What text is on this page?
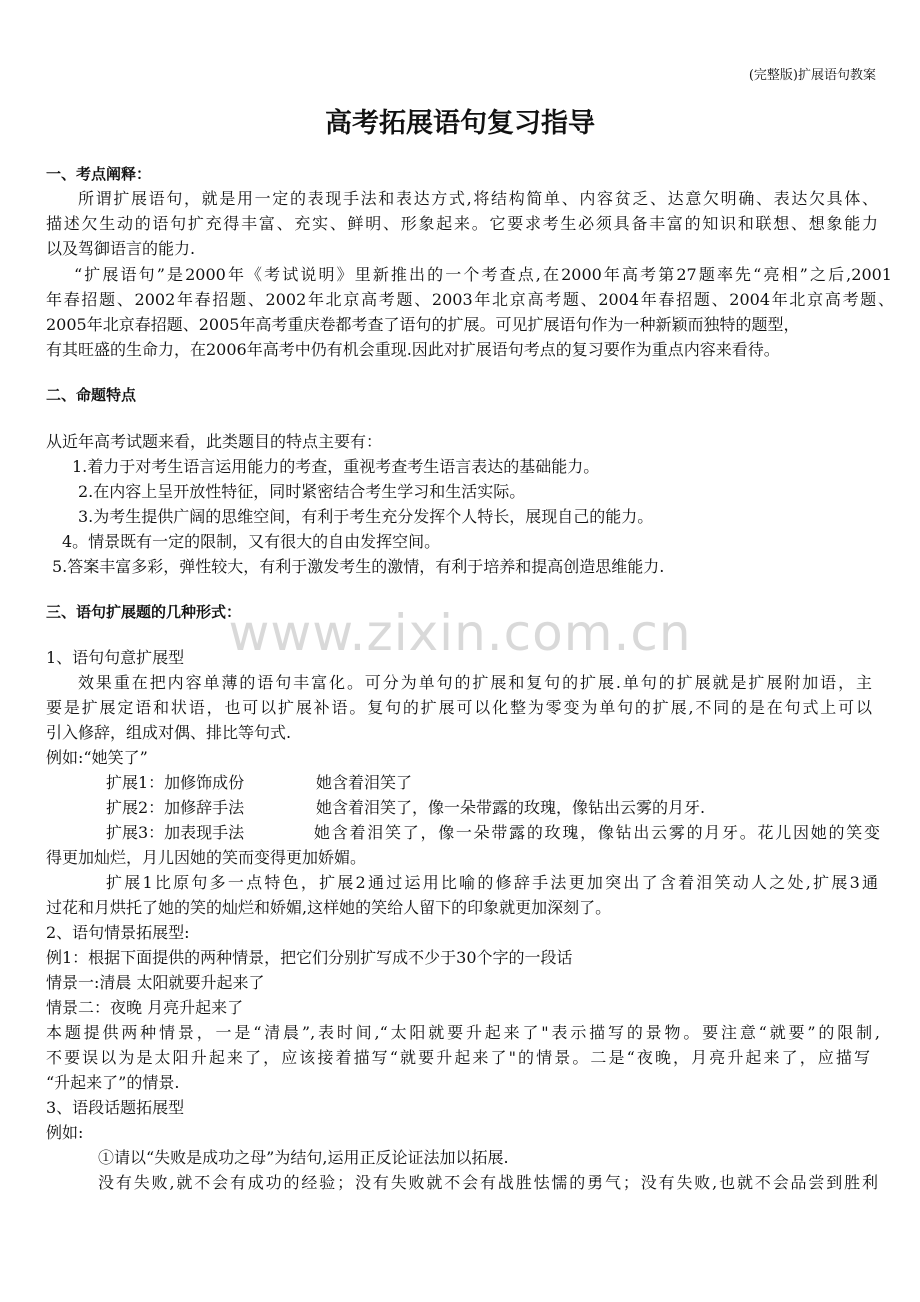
(完整版)扩展语句教案
高考拓展语句复习指导
www.zixin.com.cn
一、考点阐释：
所谓扩展语句，就是用一定的表现手法和表达方式,将结构简单、内容贫乏、达意欠明确、表达欠具体、
描述欠生动的语句扩充得丰富、充实、鲜明、形象起来。它要求考生必须具备丰富的知识和联想、想象能力
以及驾御语言的能力.
“扩展语句”是2000年《考试说明》里新推出的一个考查点,在2000年高考第27题率先“亮相”之后,2001
年春招题、2002年春招题、2002年北京高考题、2003年北京高考题、2004年春招题、2004年北京高考题、
2005年北京春招题、2005年高考重庆卷都考查了语句的扩展。可见扩展语句作为一种新颖而独特的题型，
有其旺盛的生命力，在2006年高考中仍有机会重现.因此对扩展语句考点的复习要作为重点内容来看待。
二、命题特点
从近年高考试题来看，此类题目的特点主要有：
1.着力于对考生语言运用能力的考查，重视考查考生语言表达的基础能力。
2.在内容上呈开放性特征，同时紧密结合考生学习和生活实际。
3.为考生提供广阔的思维空间，有利于考生充分发挥个人特长，展现自己的能力。
4。情景既有一定的限制，又有很大的自由发挥空间。
5.答案丰富多彩，弹性较大，有利于激发考生的激情，有利于培养和提高创造思维能力.
三、语句扩展题的几种形式：
1、语句句意扩展型
效果重在把内容单薄的语句丰富化。可分为单句的扩展和复句的扩展.单句的扩展就是扩展附加语，主
要是扩展定语和状语，也可以扩展补语。复句的扩展可以化整为零变为单句的扩展,不同的是在句式上可以
引入修辞，组成对偶、排比等句式.
例如:“她笑了”
扩展1：加修饰成份	她含着泪笑了
扩展2：加修辞手法	她含着泪笑了，像一朵带露的玫瑰，像钻出云雾的月牙.
扩展3：加表现手法	她含着泪笑了，像一朵带露的玫瑰，像钻出云雾的月牙。花儿因她的笑变
得更加灿烂，月儿因她的笑而变得更加娇媚。
扩展1比原句多一点特色，扩展2通过运用比喻的修辞手法更加突出了含着泪笑动人之处,扩展3通
过花和月烘托了她的笑的灿烂和娇媚,这样她的笑给人留下的印象就更加深刻了。
2、语句情景拓展型:
例1：根据下面提供的两种情景，把它们分别扩写成不少于30个字的一段话
情景一:清晨 太阳就要升起来了
情景二：夜晚 月亮升起来了
本题提供两种情景，一是“清晨”,表时间,“太阳就要升起来了"表示描写的景物。要注意“就要”的限制,
不要误以为是太阳升起来了，应该接着描写“就要升起来了"的情景。二是“夜晚，月亮升起来了，应描写
“升起来了”的情景.
3、语段话题拓展型
例如:
①请以“失败是成功之母”为结句,运用正反论证法加以拓展.
没有失败,就不会有成功的经验；没有失败就不会有战胜怯懦的勇气；没有失败,也就不会品尝到胜利
